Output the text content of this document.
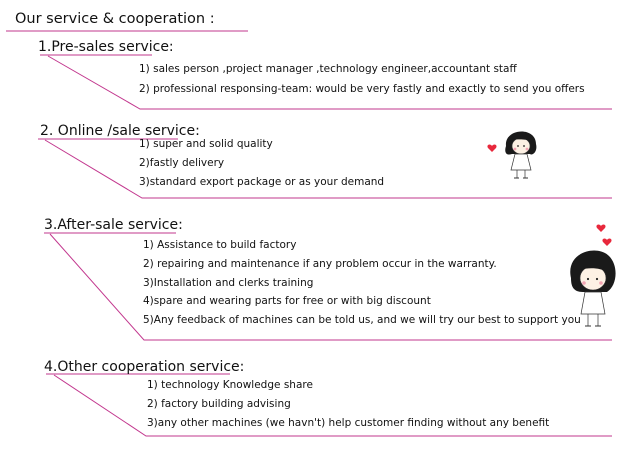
Our service & cooperation :
1.Pre-sales service:
1) sales person ,project manager ,technology engineer,accountant staff
2) professional responsing-team: would be very fastly and exactly to send you offers
2. Online /sale service:
1) super and solid quality
2)fastly delivery
3)standard export package or as your demand
3.After-sale service:
1) Assistance to build factory
2) repairing and maintenance if any problem occur in the warranty.
3)Installation and clerks training
4)spare and wearing parts for free or with big discount
5)Any feedback of machines can be told us, and we will try our best to support you
4.Other cooperation service:
1) technology Knowledge share
2) factory building advising
3)any other machines (we havn't) help customer finding without any benefit
